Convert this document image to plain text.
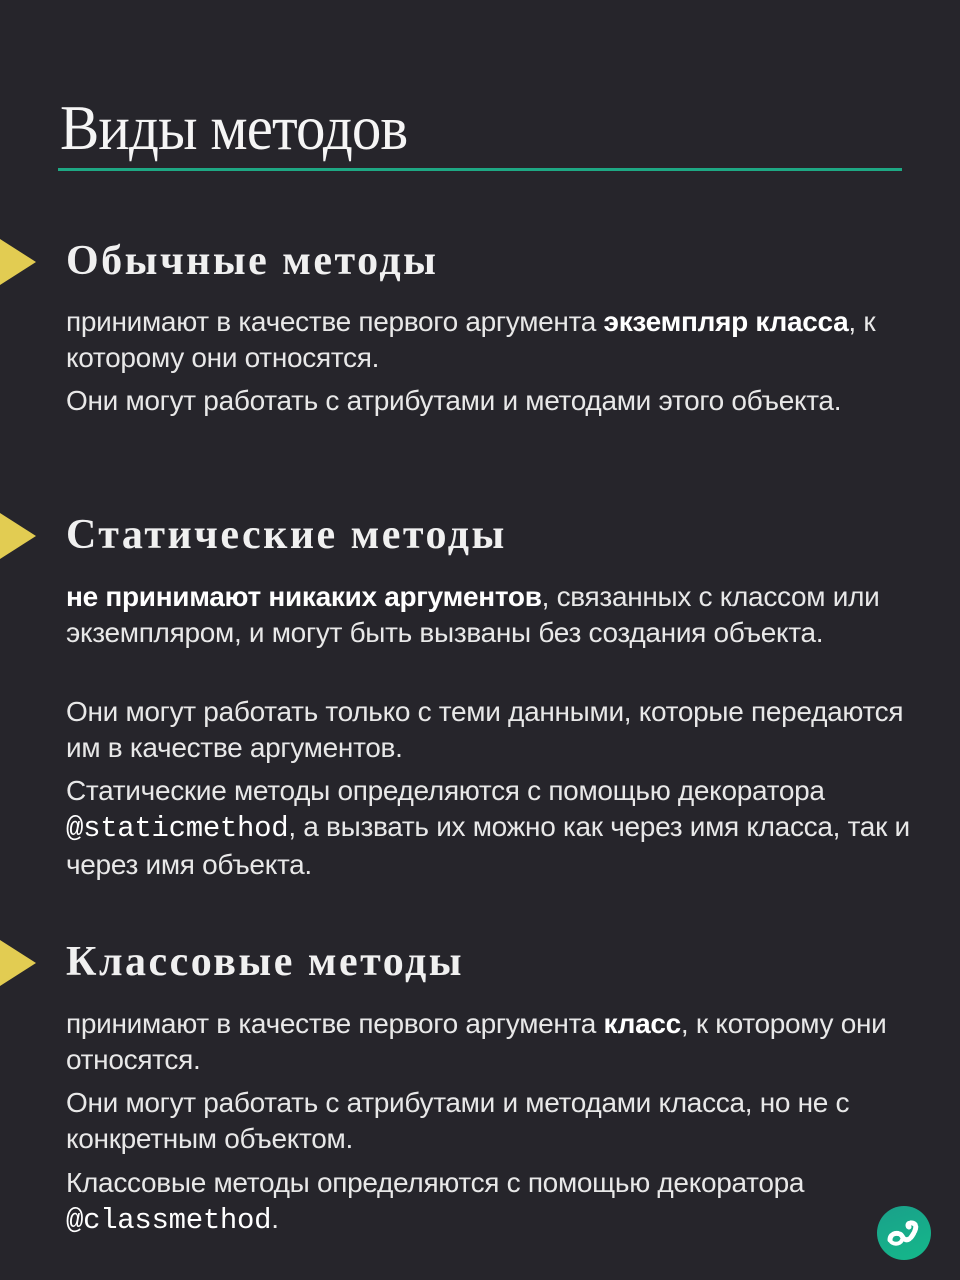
Виды методов
Обычные методы
принимают в качестве первого аргумента экземпляр класса, к которому они относятся.
Они могут работать с атрибутами и методами этого объекта.
Статические методы
не принимают никаких аргументов, связанных с классом или экземпляром, и могут быть вызваны без создания объекта.
Они могут работать только с теми данными, которые передаются им в качестве аргументов.
Статические методы определяются с помощью декоратора @staticmethod, а вызвать их можно как через имя класса, так и через имя объекта.
Классовые методы
принимают в качестве первого аргумента класс, к которому они относятся.
Они могут работать с атрибутами и методами класса, но не с конкретным объектом.
Классовые методы определяются с помощью декоратора @classmethod.
